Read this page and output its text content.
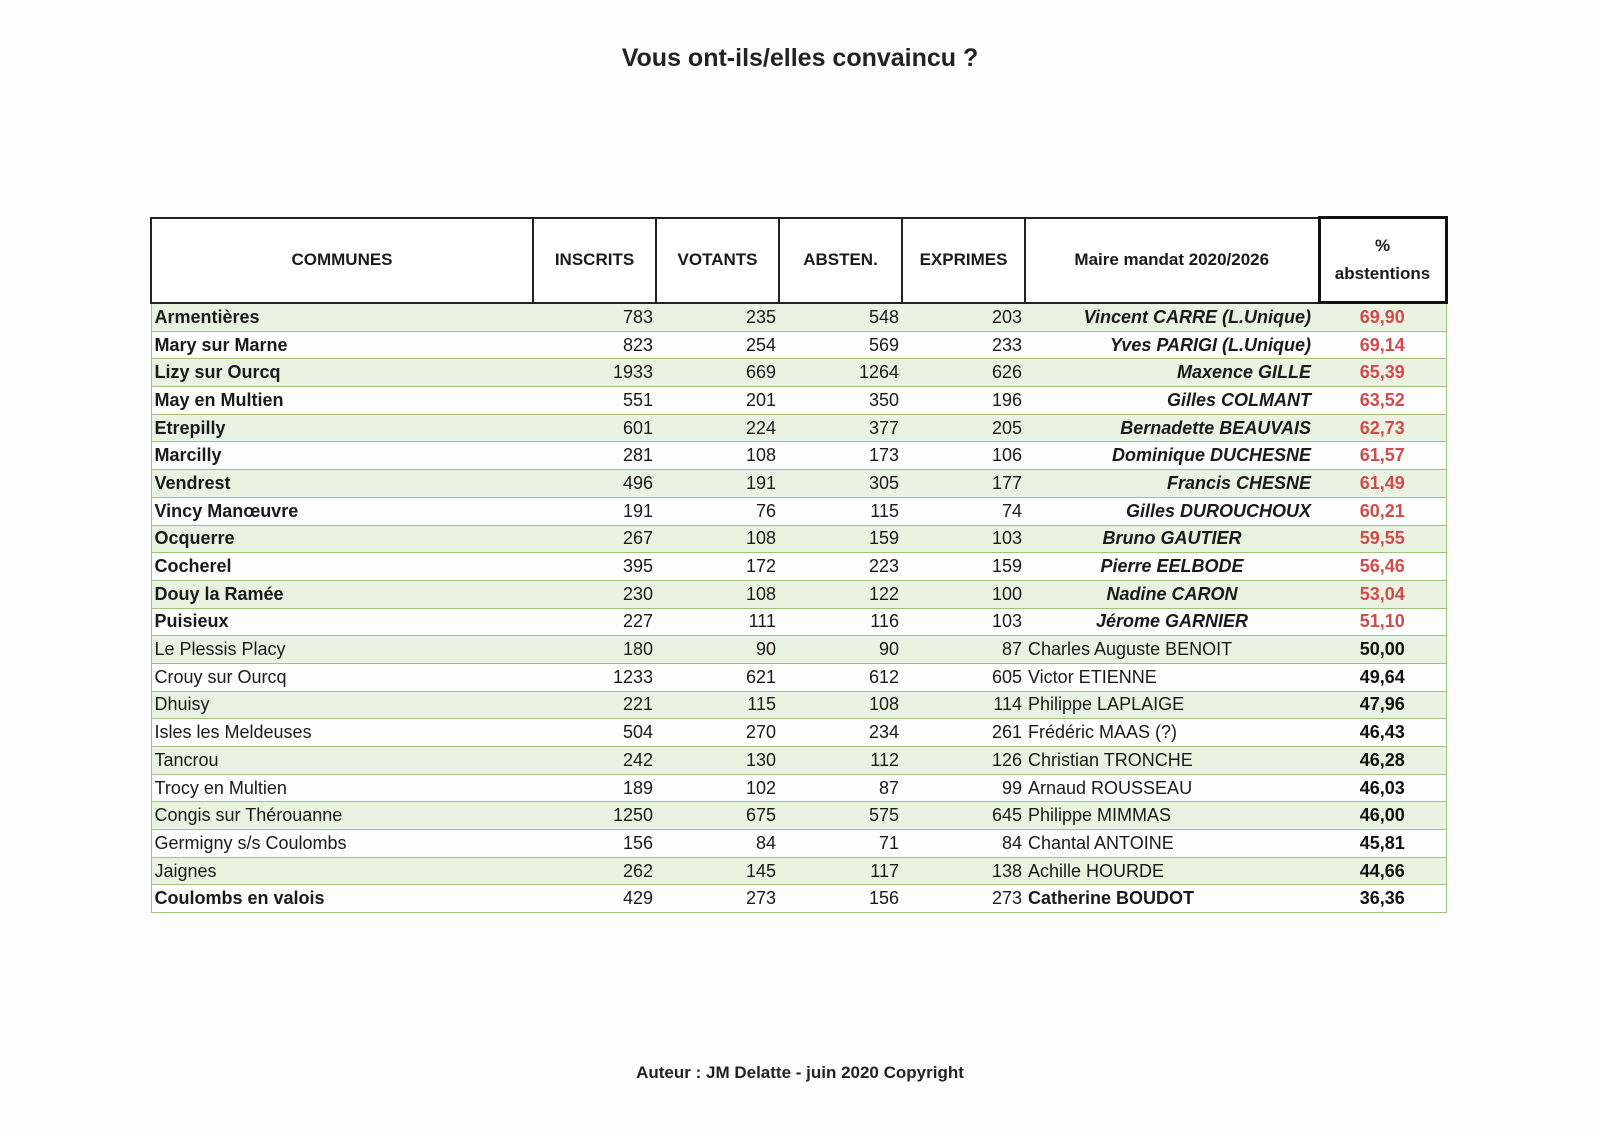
Vous ont-ils/elles convaincu ?
COMMUNES	INSCRITS	VOTANTS	ABSTEN.	EXPRIMES	Maire mandat 2020/2026	%
abstentions
Armentières	783	235	548	203	Vincent CARRE (L.Unique)	69,90
Mary sur Marne	823	254	569	233	Yves PARIGI (L.Unique)	69,14
Lizy sur Ourcq	1933	669	1264	626	Maxence GILLE	65,39
May en Multien	551	201	350	196	Gilles COLMANT	63,52
Etrepilly	601	224	377	205	Bernadette BEAUVAIS	62,73
Marcilly	281	108	173	106	Dominique DUCHESNE	61,57
Vendrest	496	191	305	177	Francis CHESNE	61,49
Vincy Manœuvre	191	76	115	74	Gilles DUROUCHOUX	60,21
Ocquerre	267	108	159	103	Bruno GAUTIER	59,55
Cocherel	395	172	223	159	Pierre EELBODE	56,46
Douy la Ramée	230	108	122	100	Nadine CARON	53,04
Puisieux	227	111	116	103	Jérome GARNIER	51,10
Le Plessis Placy	180	90	90	87	Charles Auguste BENOIT	50,00
Crouy sur Ourcq	1233	621	612	605	Victor ETIENNE	49,64
Dhuisy	221	115	108	114	Philippe LAPLAIGE	47,96
Isles les Meldeuses	504	270	234	261	Frédéric MAAS (?)	46,43
Tancrou	242	130	112	126	Christian TRONCHE	46,28
Trocy en Multien	189	102	87	99	Arnaud ROUSSEAU	46,03
Congis sur Thérouanne	1250	675	575	645	Philippe MIMMAS	46,00
Germigny s/s Coulombs	156	84	71	84	Chantal ANTOINE	45,81
Jaignes	262	145	117	138	Achille HOURDE	44,66
Coulombs en valois	429	273	156	273	Catherine BOUDOT	36,36
Auteur : JM Delatte - juin 2020 Copyright
